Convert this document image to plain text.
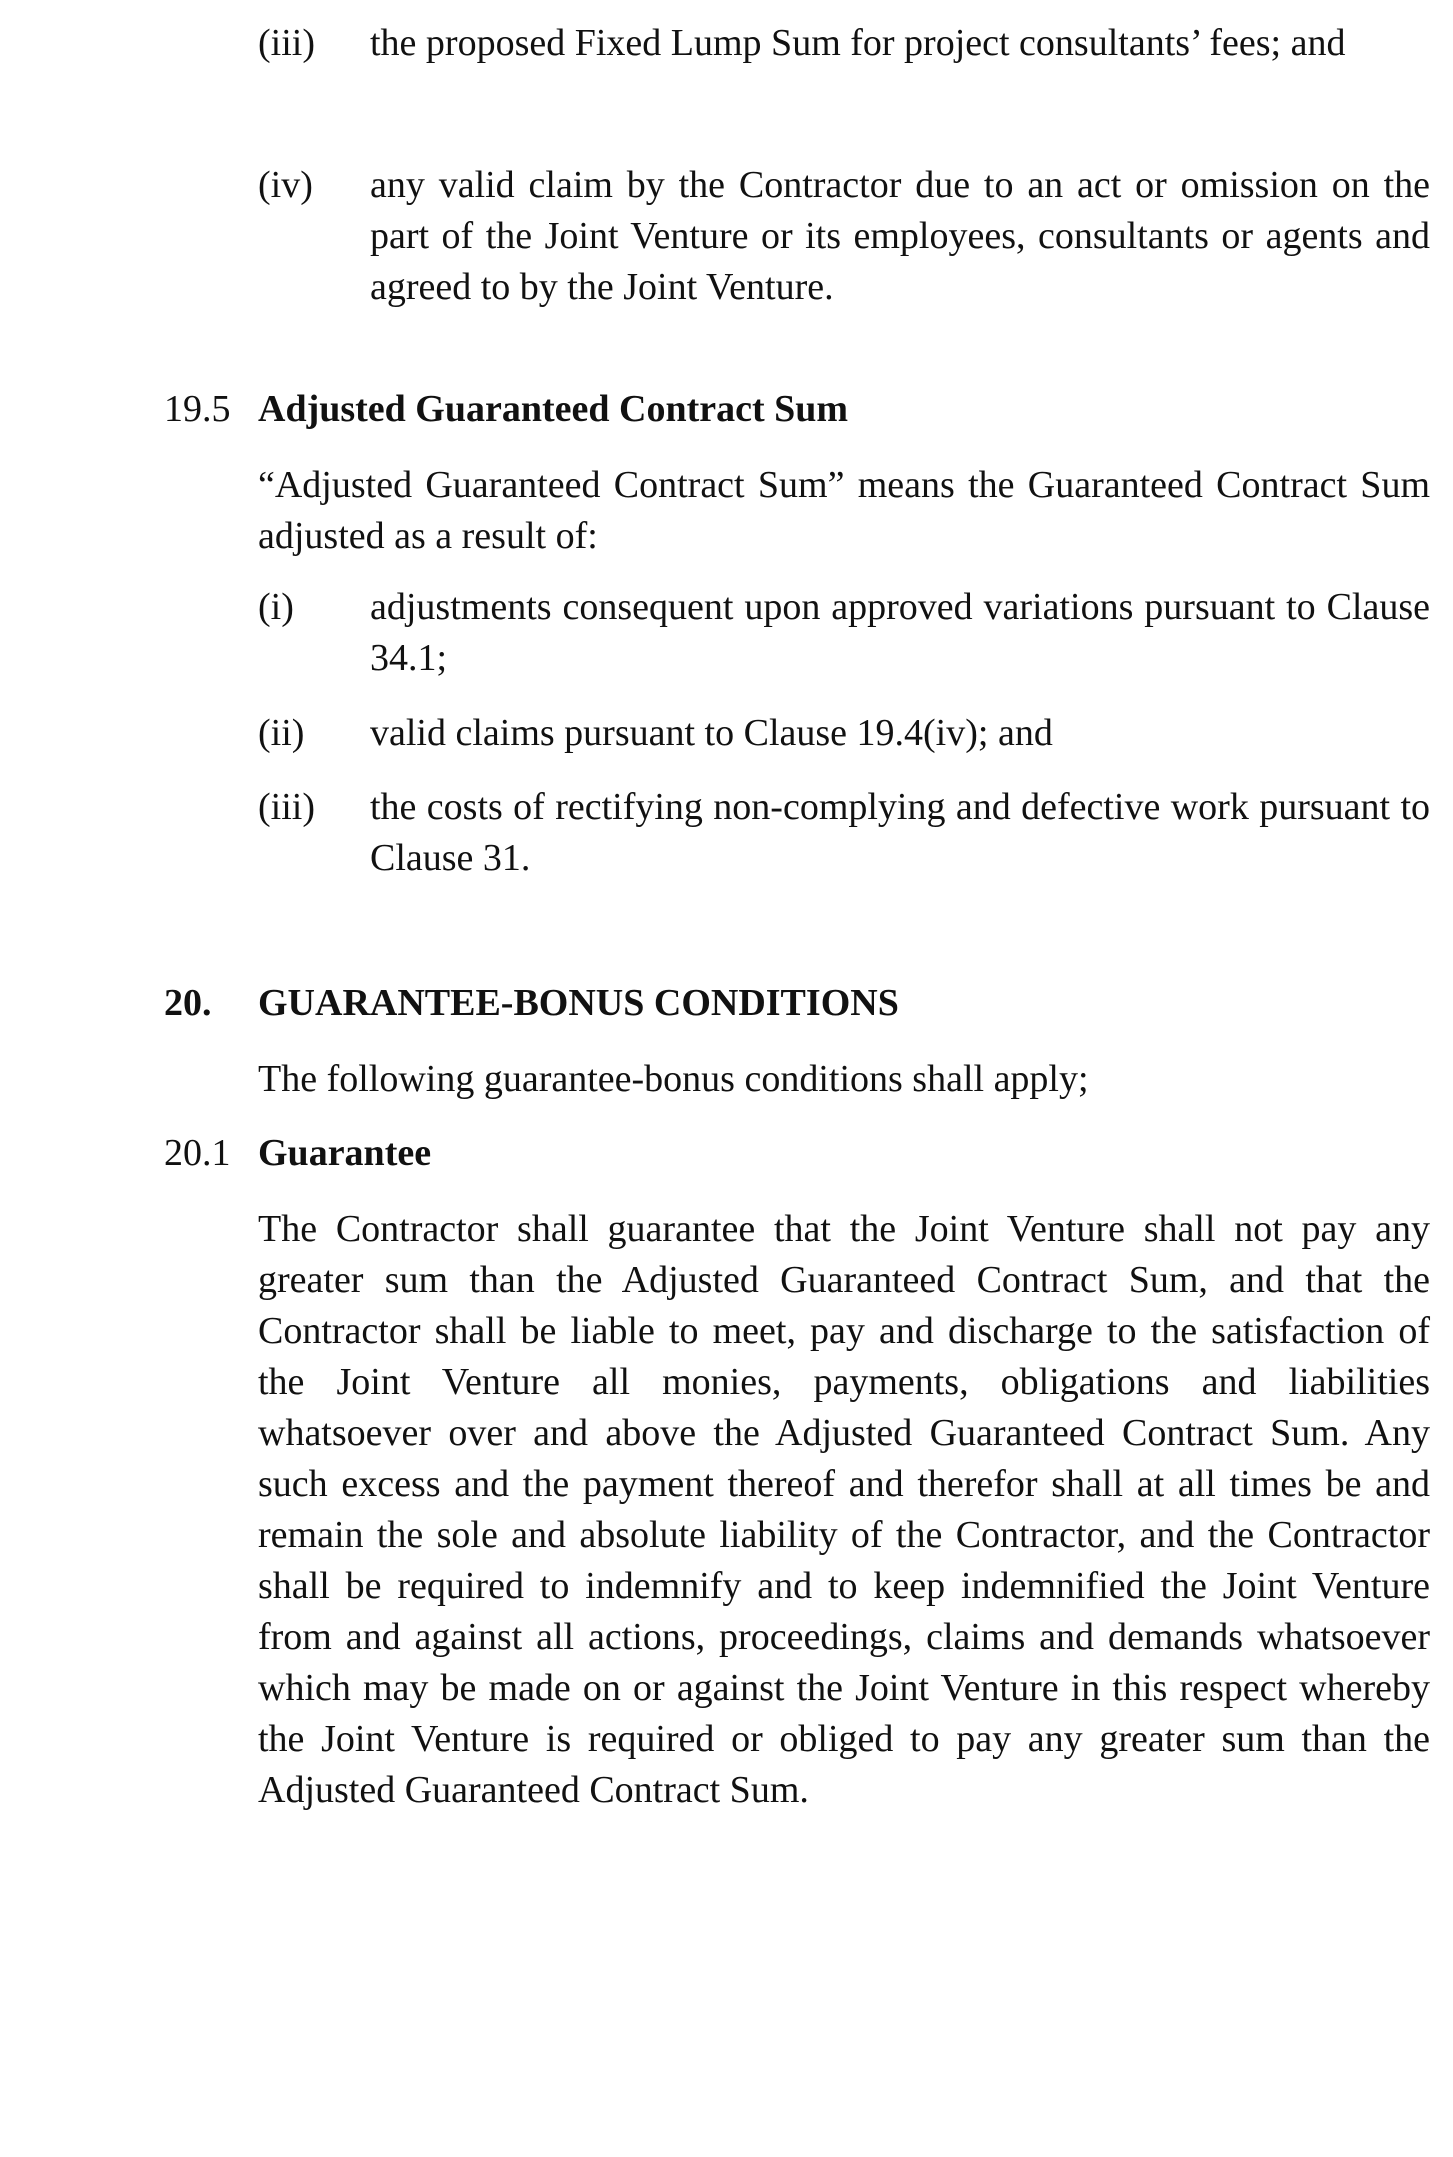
(iii) the proposed Fixed Lump Sum for project consultants’ fees; and

(iv) any valid claim by the Contractor due to an act or omission on the part of the Joint Venture or its employees, consultants or agents and agreed to by the Joint Venture.

19.5 Adjusted Guaranteed Contract Sum

“Adjusted Guaranteed Contract Sum” means the Guaranteed Contract Sum adjusted as a result of:

(i) adjustments consequent upon approved variations pursuant to Clause 34.1;

(ii) valid claims pursuant to Clause 19.4(iv); and

(iii) the costs of rectifying non-complying and defective work pursuant to Clause 31.

20. GUARANTEE-BONUS CONDITIONS

The following guarantee-bonus conditions shall apply;

20.1 Guarantee

The Contractor shall guarantee that the Joint Venture shall not pay any greater sum than the Adjusted Guaranteed Contract Sum, and that the Contractor shall be liable to meet, pay and discharge to the satisfaction of the Joint Venture all monies, payments, obligations and liabilities whatsoever over and above the Adjusted Guaranteed Contract Sum. Any such excess and the payment thereof and therefor shall at all times be and remain the sole and absolute liability of the Contractor, and the Contractor shall be required to indemnify and to keep indemnified the Joint Venture from and against all actions, proceedings, claims and demands whatsoever which may be made on or against the Joint Venture in this respect whereby the Joint Venture is required or obliged to pay any greater sum than the Adjusted Guaranteed Contract Sum.
